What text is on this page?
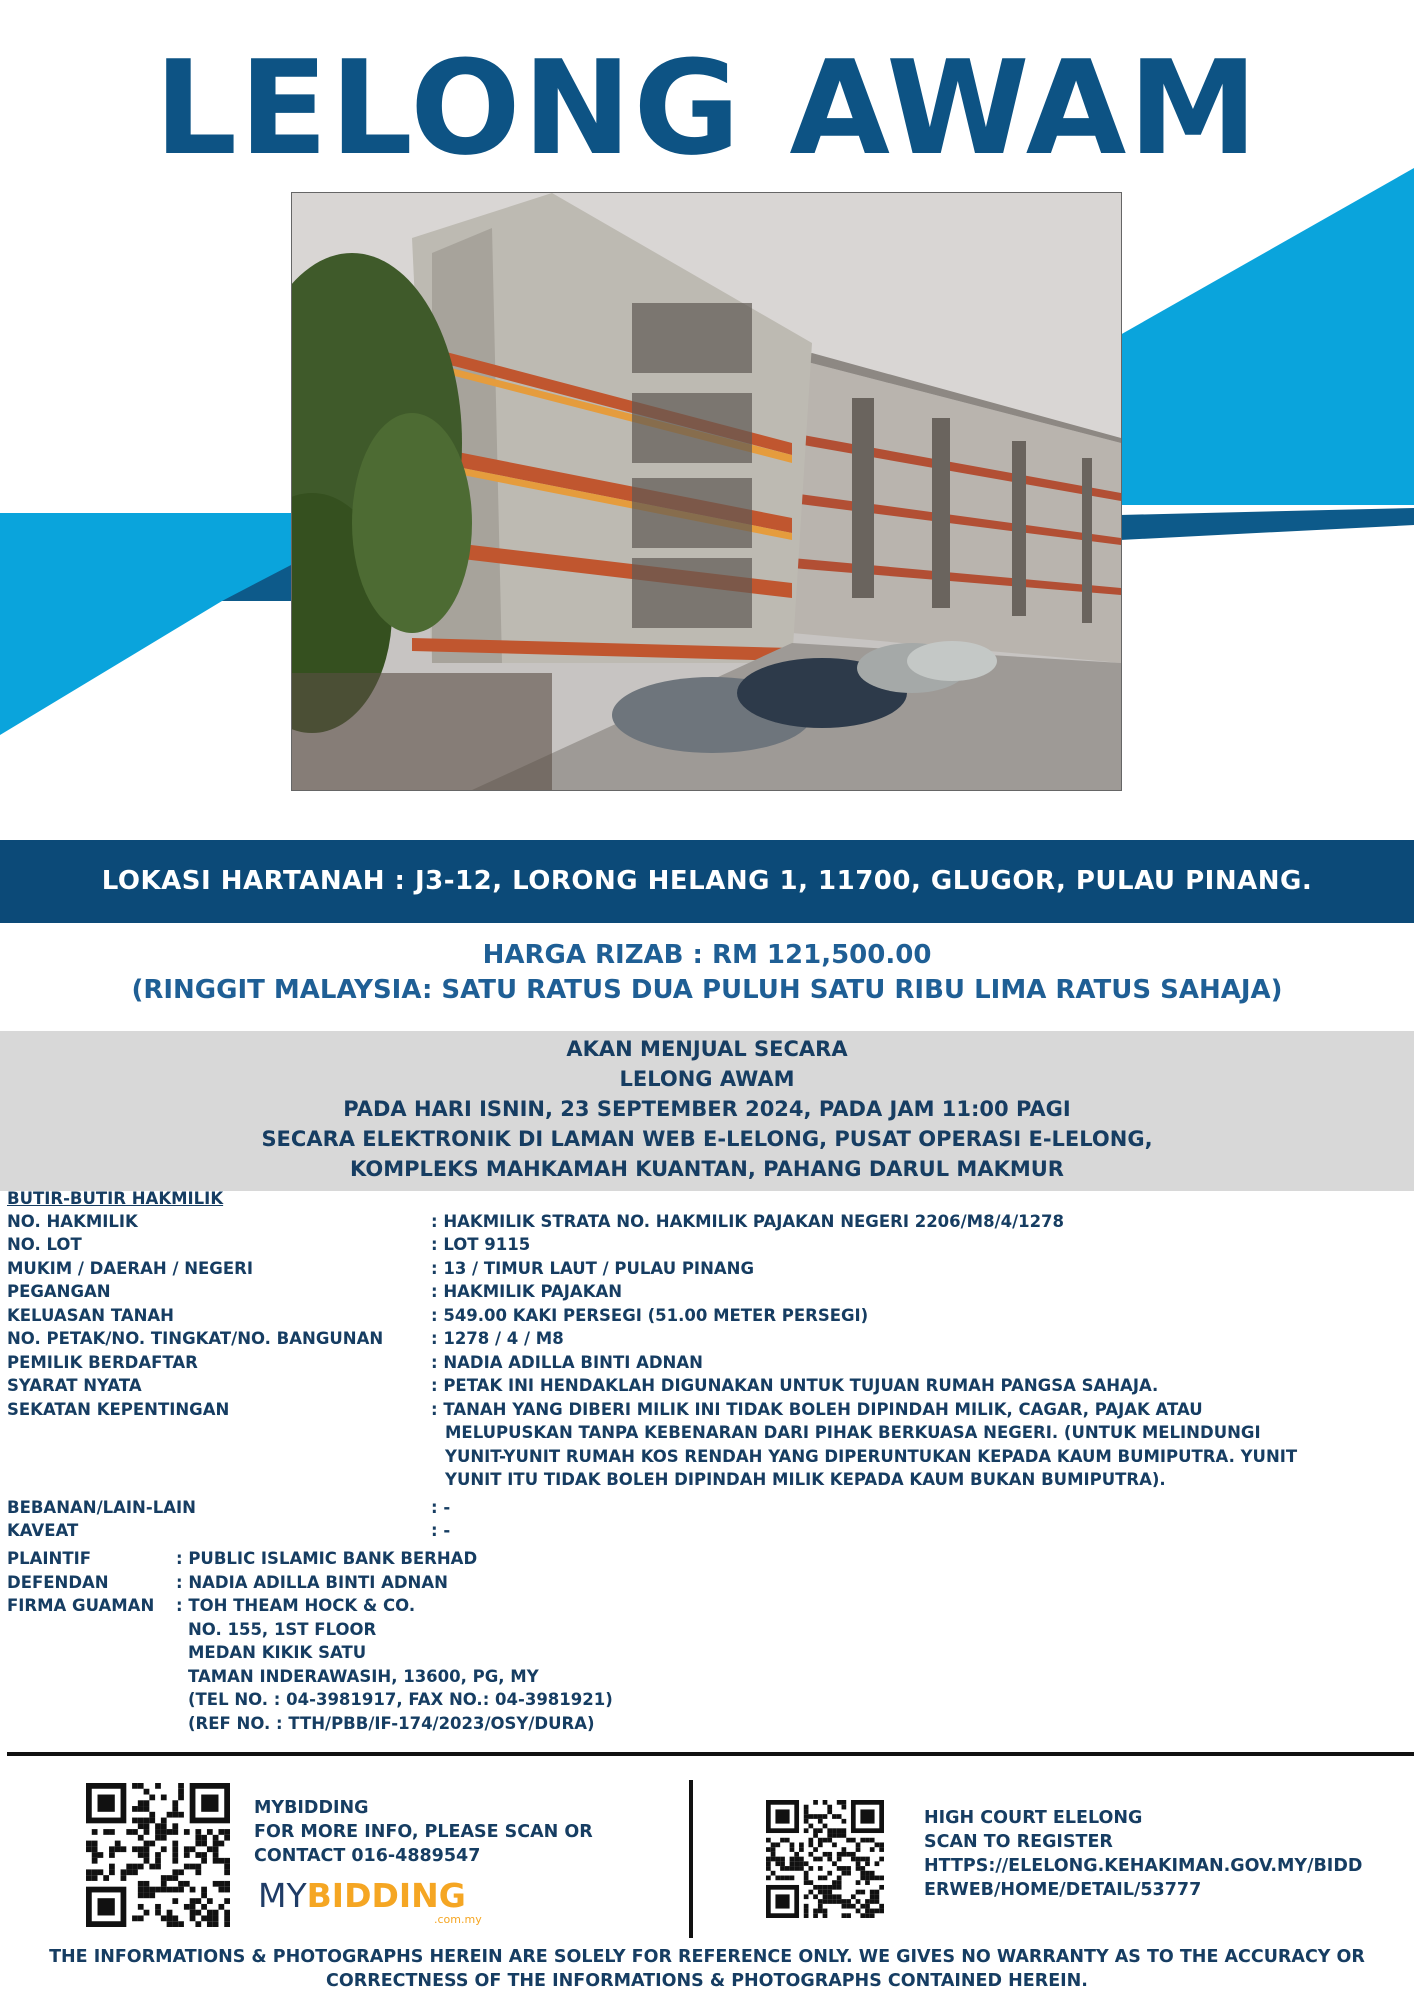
LELONG AWAM
LOKASI HARTANAH : J3-12, LORONG HELANG 1, 11700, GLUGOR, PULAU PINANG.
HARGA RIZAB : RM 121,500.00
(RINGGIT MALAYSIA: SATU RATUS DUA PULUH SATU RIBU LIMA RATUS SAHAJA)
AKAN MENJUAL SECARA
LELONG AWAM
PADA HARI ISNIN, 23 SEPTEMBER 2024, PADA JAM 11:00 PAGI
SECARA ELEKTRONIK DI LAMAN WEB E-LELONG, PUSAT OPERASI E-LELONG,
KOMPLEKS MAHKAMAH KUANTAN, PAHANG DARUL MAKMUR
BUTIR-BUTIR HAKMILIK
NO. HAKMILIK	: HAKMILIK STRATA NO. HAKMILIK PAJAKAN NEGERI 2206/M8/4/1278
NO. LOT	: LOT 9115
MUKIM / DAERAH / NEGERI	: 13 / TIMUR LAUT / PULAU PINANG
PEGANGAN	: HAKMILIK PAJAKAN
KELUASAN TANAH	: 549.00 KAKI PERSEGI (51.00 METER PERSEGI)
NO. PETAK/NO. TINGKAT/NO. BANGUNAN	: 1278 / 4 / M8
PEMILIK BERDAFTAR	: NADIA ADILLA BINTI ADNAN
SYARAT NYATA	: PETAK INI HENDAKLAH DIGUNAKAN UNTUK TUJUAN RUMAH PANGSA SAHAJA.
SEKATAN KEPENTINGAN	: TANAH YANG DIBERI MILIK INI TIDAK BOLEH DIPINDAH MILIK, CAGAR, PAJAK ATAU
MELUPUSKAN TANPA KEBENARAN DARI PIHAK BERKUASA NEGERI. (UNTUK MELINDUNGI
YUNIT-YUNIT RUMAH KOS RENDAH YANG DIPERUNTUKAN KEPADA KAUM BUMIPUTRA. YUNIT
YUNIT ITU TIDAK BOLEH DIPINDAH MILIK KEPADA KAUM BUKAN BUMIPUTRA).
BEBANAN/LAIN-LAIN	: -
KAVEAT	: -
PLAINTIF	: PUBLIC ISLAMIC BANK BERHAD
DEFENDAN	: NADIA ADILLA BINTI ADNAN
FIRMA GUAMAN : TOH THEAM HOCK & CO.
NO. 155, 1ST FLOOR
MEDAN KIKIK SATU
TAMAN INDERAWASIH, 13600, PG, MY
(TEL NO. : 04-3981917, FAX NO.: 04-3981921)
(REF NO. : TTH/PBB/IF-174/2023/OSY/DURA)
MYBIDDING
FOR MORE INFO, PLEASE SCAN OR
CONTACT 016-4889547
MYBIDDING
.com.my
HIGH COURT ELELONG
SCAN TO REGISTER
HTTPS://ELELONG.KEHAKIMAN.GOV.MY/BIDD
ERWEB/HOME/DETAIL/53777
THE INFORMATIONS & PHOTOGRAPHS HEREIN ARE SOLELY FOR REFERENCE ONLY. WE GIVES NO WARRANTY AS TO THE ACCURACY OR
CORRECTNESS OF THE INFORMATIONS & PHOTOGRAPHS CONTAINED HEREIN.
